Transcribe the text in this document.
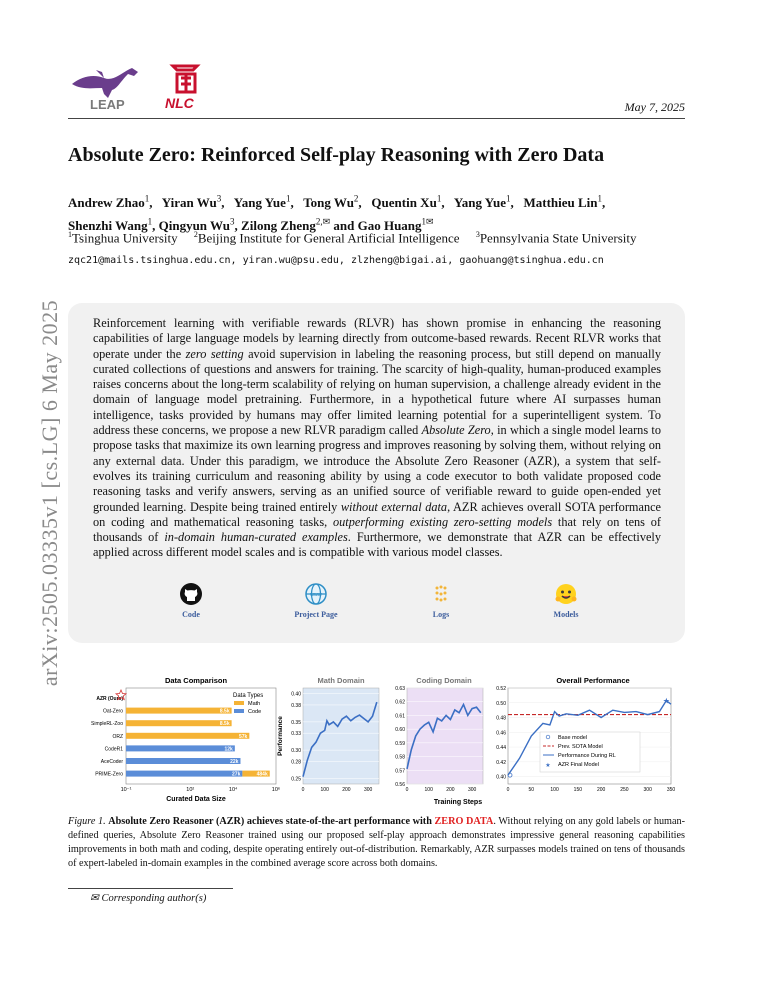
arXiv:2505.03335v1 [cs.LG] 6 May 2025
LEAP	NLC	May 7, 2025
Absolute Zero: Reinforced Self-play Reasoning with Zero Data
Andrew Zhao$^1$,   Yiran Wu$^3$,   Yang Yue$^1$,   Tong Wu$^2$,   Quentin Xu$^1$,   Yang Yue$^1$,   Matthieu Lin$^1$,
Shenzhi Wang$^1$, Qingyun Wu$^3$, Zilong Zheng$^{2,✉}$ and Gao Huang$^{1✉}$
$^1$Tsinghua University $^2$Beijing Institute for General Artificial Intelligence $^3$Pennsylvania State University
zqc21@mails.tsinghua.edu.cn, yiran.wu@psu.edu, zlzheng@bigai.ai, gaohuang@tsinghua.edu.cn
Reinforcement learning with verifiable rewards (RLVR) has shown promise in enhancing the reasoning capabilities of large language models by learning directly from outcome-based rewards. Recent RLVR works that operate under the zero setting avoid supervision in labeling the reasoning process, but still depend on manually curated collections of questions and answers for training. The scarcity of high-quality, human-produced examples raises concerns about the long-term scalability of relying on human supervision, a challenge already evident in the domain of language model pretraining. Furthermore, in a hypothetical future where AI surpasses human intelligence, tasks provided by humans may offer limited learning potential for a superintelligent system. To address these concerns, we propose a new RLVR paradigm called Absolute Zero, in which a single model learns to propose tasks that maximize its own learning progress and improves reasoning by solving them, without relying on any external data. Under this paradigm, we introduce the Absolute Zero Reasoner (AZR), a system that self-evolves its training curriculum and reasoning ability by using a code executor to both validate proposed code reasoning tasks and verify answers, serving as an unified source of verifiable reward to guide open-ended yet grounded learning. Despite being trained entirely without external data, AZR achieves overall SOTA performance on coding and mathematical reasoning tasks, outperforming existing zero-setting models that rely on tens of thousands of in-domain human-curated examples. Furthermore, we demonstrate that AZR can be effectively applied across different model scales and is compatible with various model classes.
Code
www
Project Page	Logs	Models
Data Comparison
AZR (Ours)
Oat-Zero
SimpleRL-Zoo
ORZ
CodeR1
AceCoder
PRIME-Zero
8.5k
8.5k
57k
12k
22k
27k	484k
Data Types
Math
Code
10⁻¹	10²	10⁴	10⁶
Curated Data Size
Math Domain
0.25
0.28
0.30
0.33
0.35
0.38
0.40
0	100	200	300
Performance
Coding Domain
0.56
0.57
0.58
0.59
0.60
0.61
0.62
0.63
0	100	200	300
Overall Performance
0.40
0.42
0.44
0.46
0.48
0.50
0.52
0	50	100	150	200	250	300	350
★
Base model
Prev. SOTA Model
Performance During RL
★ AZR Final Model
Training Steps
Figure 1. Absolute Zero Reasoner (AZR) achieves state-of-the-art performance with ZERO DATA. Without relying on any gold labels or human-defined queries, Absolute Zero Reasoner trained using our proposed self-play approach demonstrates impressive general reasoning capabilities improvements in both math and coding, despite operating entirely out-of-distribution. Remarkably, AZR surpasses models trained on tens of thousands of expert-labeled in-domain examples in the combined average score across both domains.
✉ Corresponding author(s)
